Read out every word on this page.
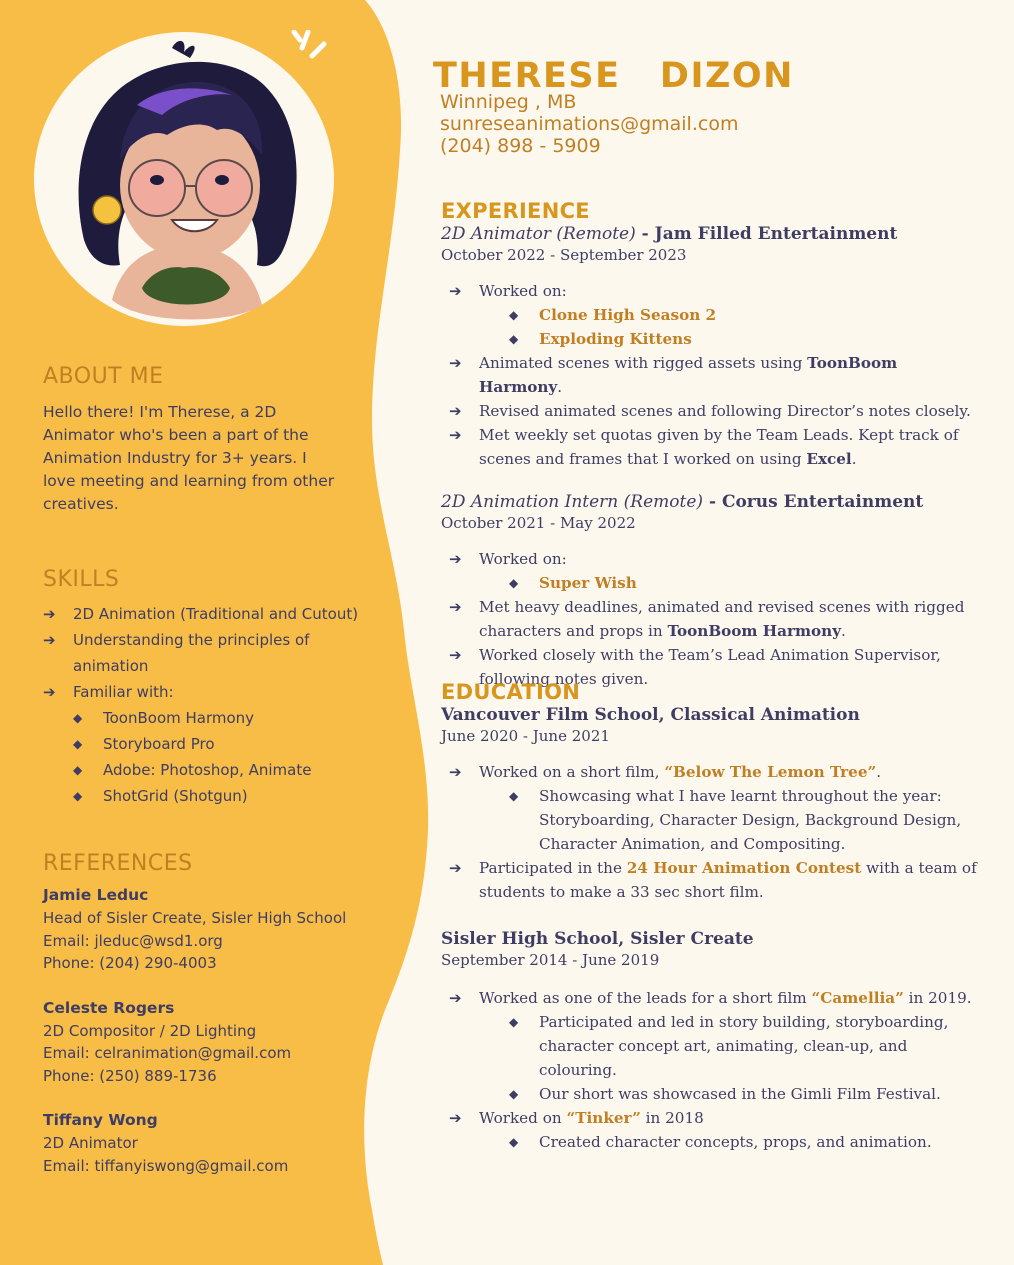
ABOUT ME
Hello there! I'm Therese, a 2D Animator who's been a part of the Animation Industry for 3+ years. I love meeting and learning from other creatives.
SKILLS
➔	2D Animation (Traditional and Cutout)
➔	Understanding the principles of animation
➔	Familiar with:
◆	ToonBoom Harmony
◆	Storyboard Pro
◆	Adobe: Photoshop, Animate
◆	ShotGrid (Shotgun)
REFERENCES
Jamie Leduc
Head of Sisler Create, Sisler High School
Email: jleduc@wsd1.org
Phone: (204) 290-4003
Celeste Rogers
2D Compositor / 2D Lighting
Email: celranimation@gmail.com
Phone: (250) 889-1736
Tiffany Wong
2D Animator
Email: tiffanyiswong@gmail.com
THERESE  DIZON
Winnipeg , MB
sunreseanimations@gmail.com
(204) 898 - 5909
EXPERIENCE
2D Animator (Remote) - Jam Filled Entertainment
October 2022 - September 2023
➔	Worked on:
◆	Clone High Season 2
◆	Exploding Kittens
➔	Animated scenes with rigged assets using ToonBoom Harmony.
➔	Revised animated scenes and following Director’s notes closely.
➔	Met weekly set quotas given by the Team Leads. Kept track of scenes and frames that I worked on using Excel.
2D Animation Intern (Remote) - Corus Entertainment
October 2021 - May 2022
➔	Worked on:
◆	Super Wish
➔	Met heavy deadlines, animated and revised scenes with rigged characters and props in ToonBoom Harmony.
➔	Worked closely with the Team’s Lead Animation Supervisor, following notes given.
EDUCATION
Vancouver Film School, Classical Animation
June 2020 - June 2021
➔	Worked on a short film, “Below The Lemon Tree”.
◆	Showcasing what I have learnt throughout the year: Storyboarding, Character Design, Background Design, Character Animation, and Compositing.
➔	Participated in the 24 Hour Animation Contest with a team of students to make a 33 sec short film.
Sisler High School, Sisler Create
September 2014 - June 2019
➔	Worked as one of the leads for a short film “Camellia” in 2019.
◆	Participated and led in story building, storyboarding, character concept art, animating, clean-up, and colouring.
◆	Our short was showcased in the Gimli Film Festival.
➔	Worked on “Tinker” in 2018
◆	Created character concepts, props, and animation.
